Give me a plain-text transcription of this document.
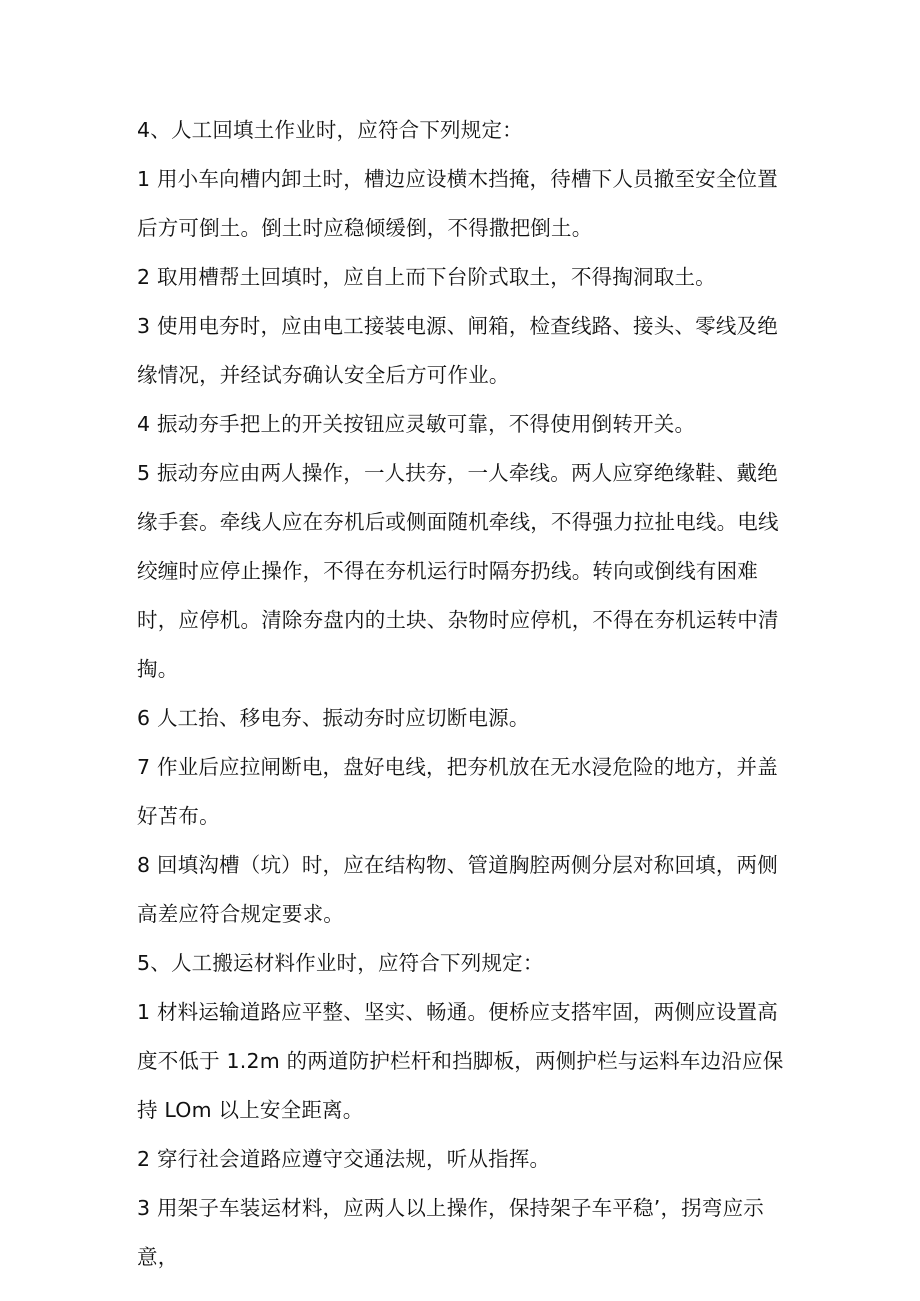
4、人工回填土作业时，应符合下列规定：

1 用小车向槽内卸土时，槽边应设横木挡掩，待槽下人员撤至安全位置后方可倒土。倒土时应稳倾缓倒，不得撒把倒土。

2 取用槽帮土回填时，应自上而下台阶式取土，不得掏洞取土。

3 使用电夯时，应由电工接装电源、闸箱，检查线路、接头、零线及绝缘情况，并经试夯确认安全后方可作业。

4 振动夯手把上的开关按钮应灵敏可靠，不得使用倒转开关。

5 振动夯应由两人操作，一人扶夯，一人牵线。两人应穿绝缘鞋、戴绝缘手套。牵线人应在夯机后或侧面随机牵线，不得强力拉扯电线。电线绞缠时应停止操作，不得在夯机运行时隔夯扔线。转向或倒线有困难时，应停机。清除夯盘内的土块、杂物时应停机，不得在夯机运转中清掏。

6 人工抬、移电夯、振动夯时应切断电源。

7 作业后应拉闸断电，盘好电线，把夯机放在无水浸危险的地方，并盖好苫布。

8 回填沟槽（坑）时，应在结构物、管道胸腔两侧分层对称回填，两侧高差应符合规定要求。

5、人工搬运材料作业时，应符合下列规定：

1 材料运输道路应平整、坚实、畅通。便桥应支搭牢固，两侧应设置高度不低于 1.2m 的两道防护栏杆和挡脚板，两侧护栏与运料车边沿应保持 LOm 以上安全距离。

2 穿行社会道路应遵守交通法规，听从指挥。

3 用架子车装运材料，应两人以上操作，保持架子车平稳’，拐弯应示意，
